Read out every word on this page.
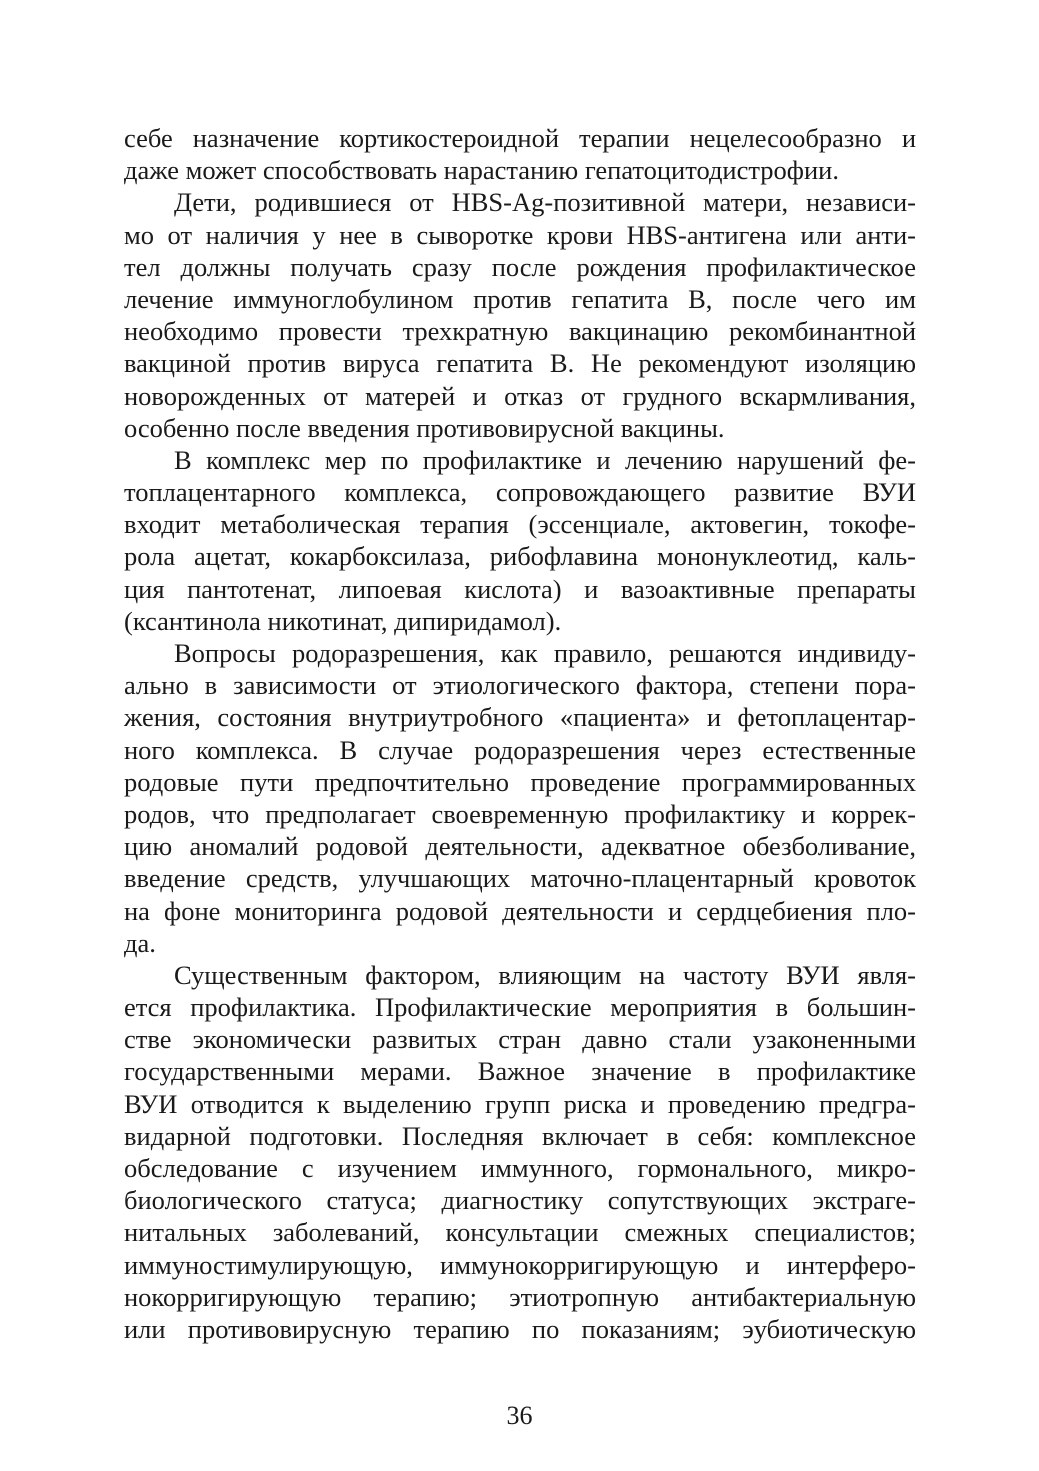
себе назначение кортикостероидной терапии нецелесообразно и
даже может способствовать нарастанию гепатоцитодистрофии.
Дети, родившиеся от HBS-Ag-позитивной матери, независи-
мо от наличия у нее в сыворотке крови HBS-антигена или анти-
тел должны получать сразу после рождения профилактическое
лечение иммуноглобулином против гепатита В, после чего им
необходимо провести трехкратную вакцинацию рекомбинантной
вакциной против вируса гепатита В. Не рекомендуют изоляцию
новорожденных от матерей и отказ от грудного вскармливания,
особенно после введения противовирусной вакцины.
В комплекс мер по профилактике и лечению нарушений фе-
топлацентарного комплекса, сопровождающего развитие ВУИ
входит метаболическая терапия (эссенциале, актовегин, токофе-
рола ацетат, кокарбоксилаза, рибофлавина мононуклеотид, каль-
ция пантотенат, липоевая кислота) и вазоактивные препараты
(ксантинола никотинат, дипиридамол).
Вопросы родоразрешения, как правило, решаются индивиду-
ально в зависимости от этиологического фактора, степени пора-
жения, состояния внутриутробного «пациента» и фетоплацентар-
ного комплекса. В случае родоразрешения через естественные
родовые пути предпочтительно проведение программированных
родов, что предполагает своевременную профилактику и коррек-
цию аномалий родовой деятельности, адекватное обезболивание,
введение средств, улучшающих маточно-плацентарный кровоток
на фоне мониторинга родовой деятельности и сердцебиения пло-
да.
Существенным фактором, влияющим на частоту ВУИ явля-
ется профилактика. Профилактические мероприятия в большин-
стве экономически развитых стран давно стали узаконенными
государственными мерами. Важное значение в профилактике
ВУИ отводится к выделению групп риска и проведению предгра-
видарной подготовки. Последняя включает в себя: комплексное
обследование с изучением иммунного, гормонального, микро-
биологического статуса; диагностику сопутствующих экстраге-
нитальных заболеваний, консультации смежных специалистов;
иммуностимулирующую, иммунокорригирующую и интерферо-
нокорригирующую терапию; этиотропную антибактериальную
или противовирусную терапию по показаниям; эубиотическую
36
